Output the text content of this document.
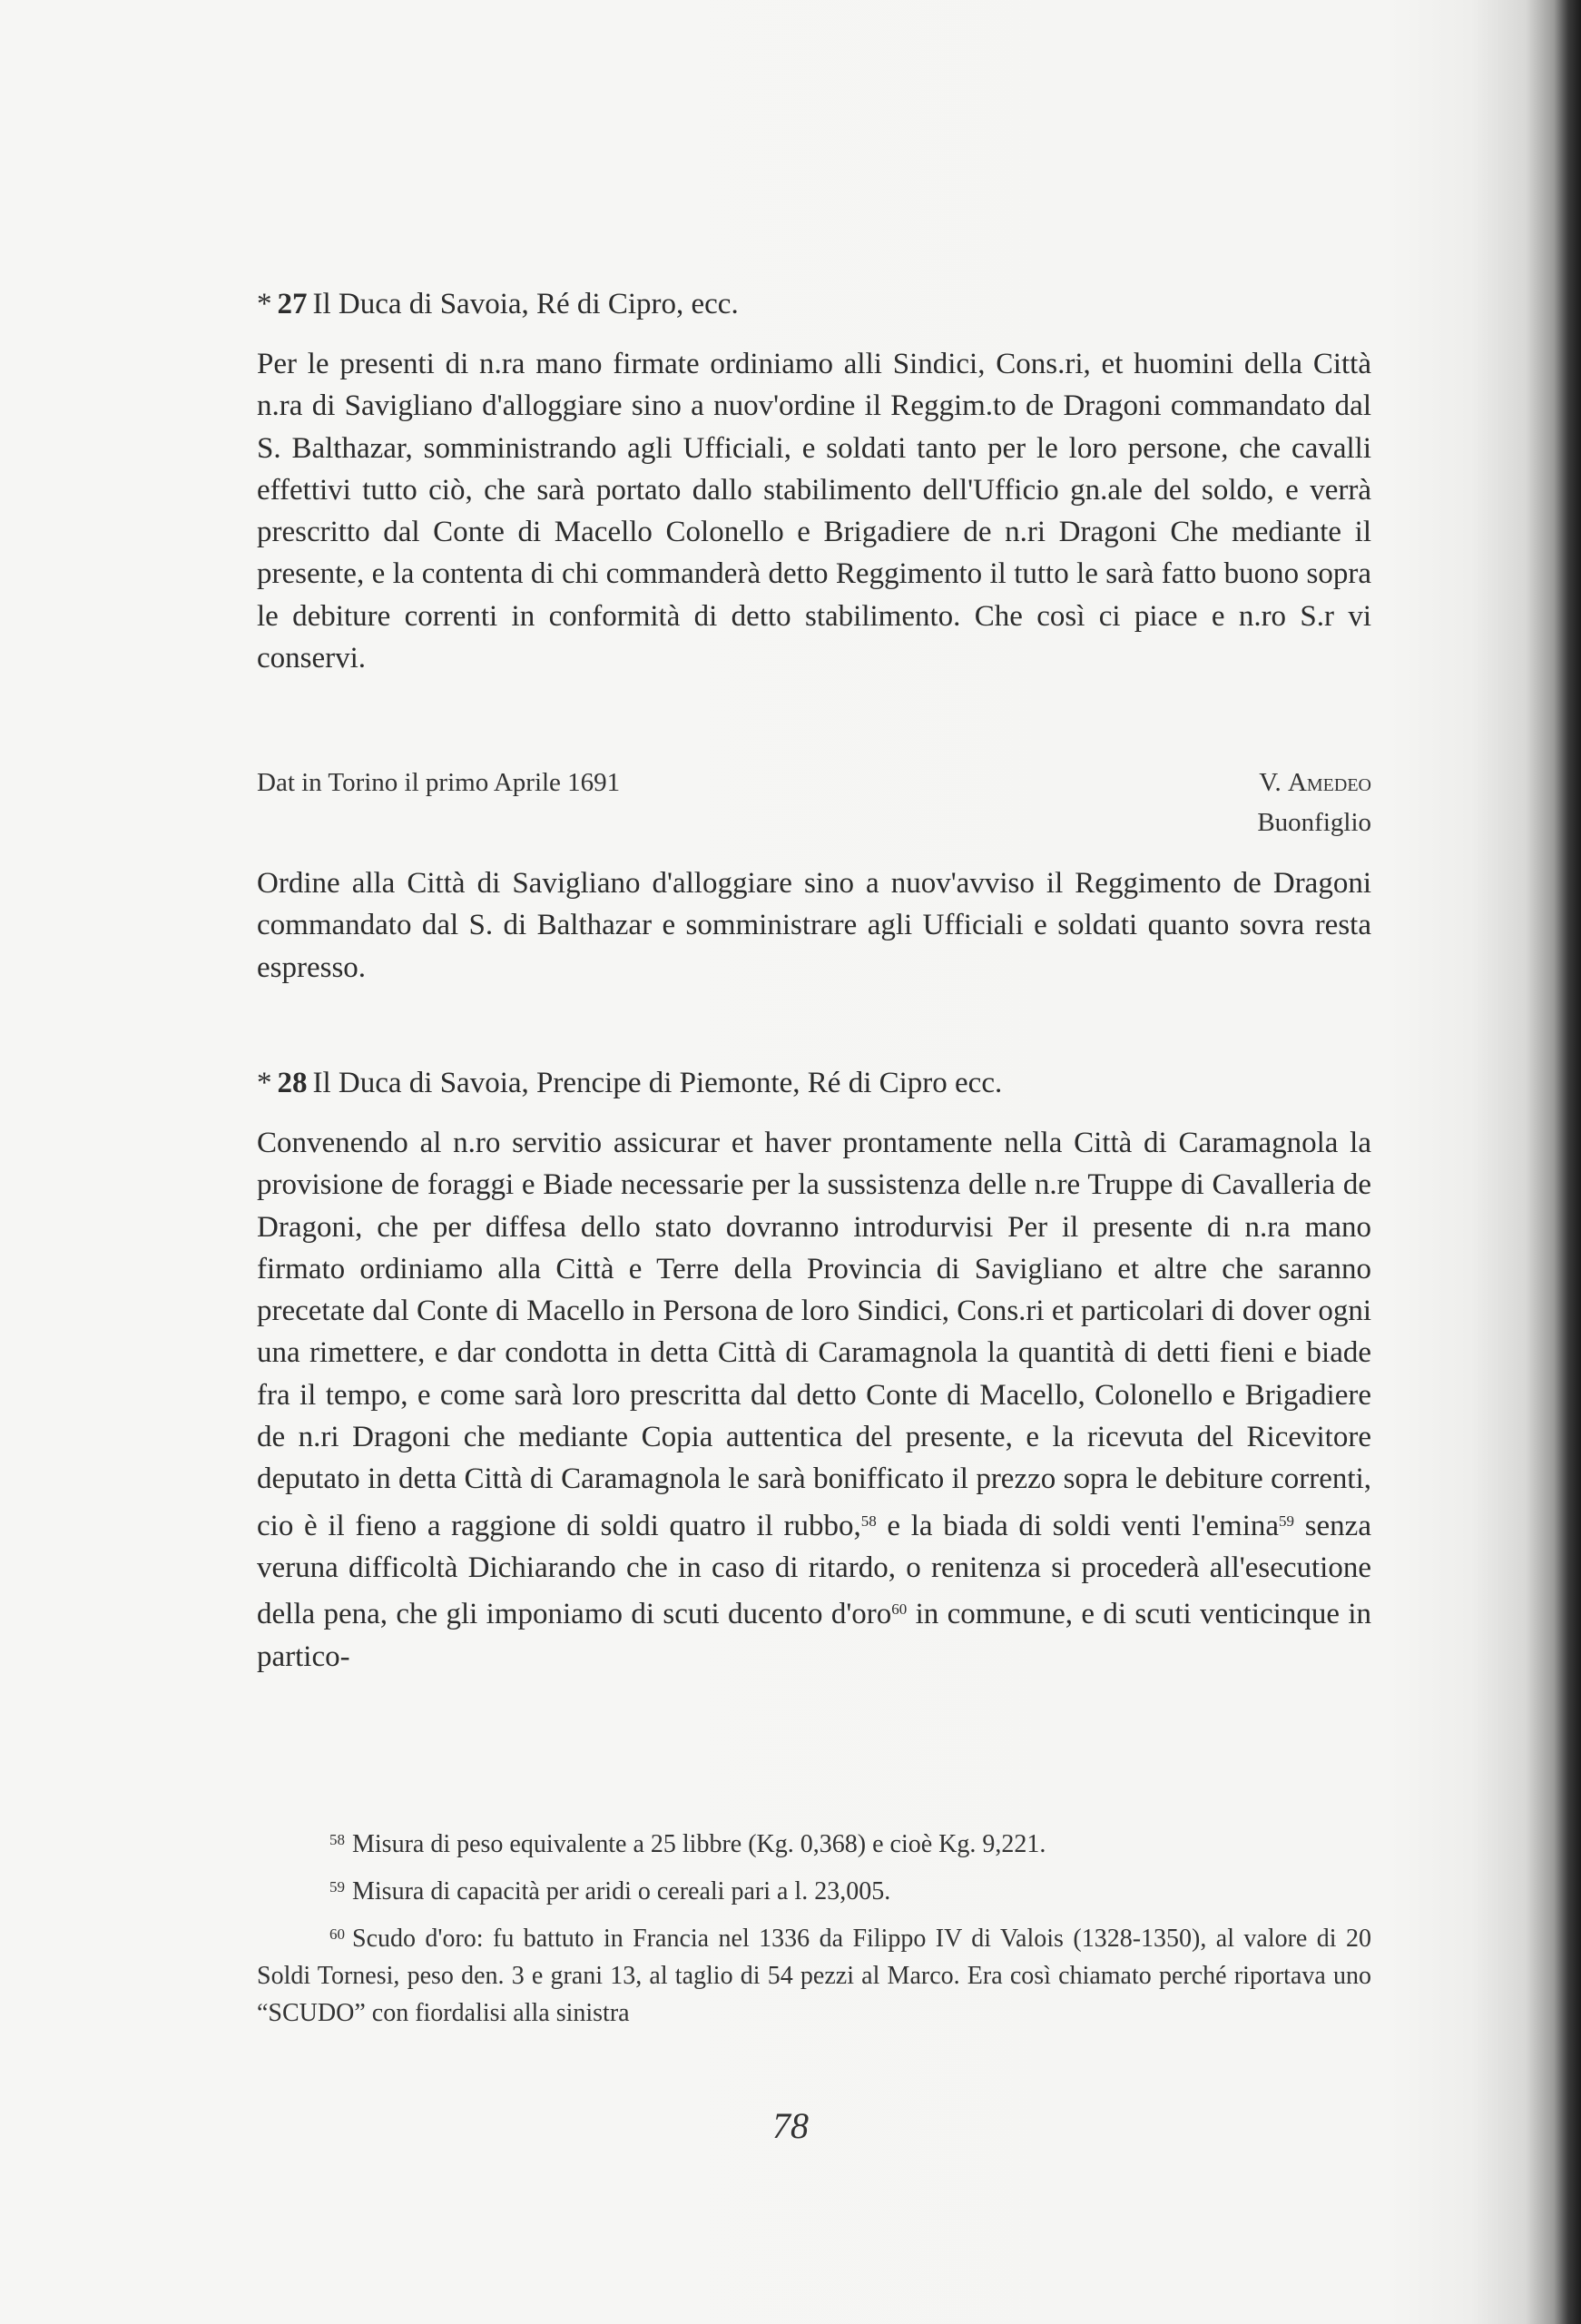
* 27 Il Duca di Savoia, Ré di Cipro, ecc.

Per le presenti di n.ra mano firmate ordiniamo alli Sindici, Cons.ri, et huomini della Città n.ra di Savigliano d'alloggiare sino a nuov'ordine il Reggim.to de Dragoni commandato dal S. Balthazar, somministrando agli Ufficiali, e soldati tanto per le loro persone, che cavalli effettivi tutto ciò, che sarà portato dallo stabilimento dell'Ufficio gn.ale del soldo, e verrà prescritto dal Conte di Macello Colonello e Brigadiere de n.ri Dragoni Che mediante il presente, e la contenta di chi commanderà detto Reggimento il tutto le sarà fatto buono sopra le debiture correnti in conformità di detto stabilimento. Che così ci piace e n.ro S.r vi conservi.

Dat in Torino il primo Aprile 1691	V. Amedeo
Buonfiglio

Ordine alla Città di Savigliano d'alloggiare sino a nuov'avviso il Reggimento de Dragoni commandato dal S. di Balthazar e somministrare agli Ufficiali e soldati quanto sovra resta espresso.

* 28 Il Duca di Savoia, Prencipe di Piemonte, Ré di Cipro ecc.

Convenendo al n.ro servitio assicurar et haver prontamente nella Città di Caramagnola la provisione de foraggi e Biade necessarie per la sussistenza delle n.re Truppe di Cavalleria de Dragoni, che per diffesa dello stato dovranno introdurvisi Per il presente di n.ra mano firmato ordiniamo alla Città e Terre della Provincia di Savigliano et altre che saranno precetate dal Conte di Macello in Persona de loro Sindici, Cons.ri et particolari di dover ogni una rimettere, e dar condotta in detta Città di Caramagnola la quantità di detti fieni e biade fra il tempo, e come sarà loro prescritta dal detto Conte di Macello, Colonello e Brigadiere de n.ri Dragoni che mediante Copia auttentica del presente, e la ricevuta del Ricevitore deputato in detta Città di Caramagnola le sarà bonifficato il prezzo sopra le debiture correnti, cio è il fieno a raggione di soldi quatro il rubbo,$^{58}$ e la biada di soldi venti l'emina$^{59}$ senza veruna difficoltà Dichiarando che in caso di ritardo, o renitenza si procederà all'esecutione della pena, che gli imponiamo di scuti ducento d'oro$^{60}$ in commune, e di scuti venticinque in partico-

$^{58}$ Misura di peso equivalente a 25 libbre (Kg. 0,368) e cioè Kg. 9,221.

$^{59}$ Misura di capacità per aridi o cereali pari a l. 23,005.

$^{60}$ Scudo d'oro: fu battuto in Francia nel 1336 da Filippo IV di Valois (1328-1350), al valore di 20 Soldi Tornesi, peso den. 3 e grani 13, al taglio di 54 pezzi al Marco. Era così chiamato perché riportava uno “SCUDO” con fiordalisi alla sinistra

78
